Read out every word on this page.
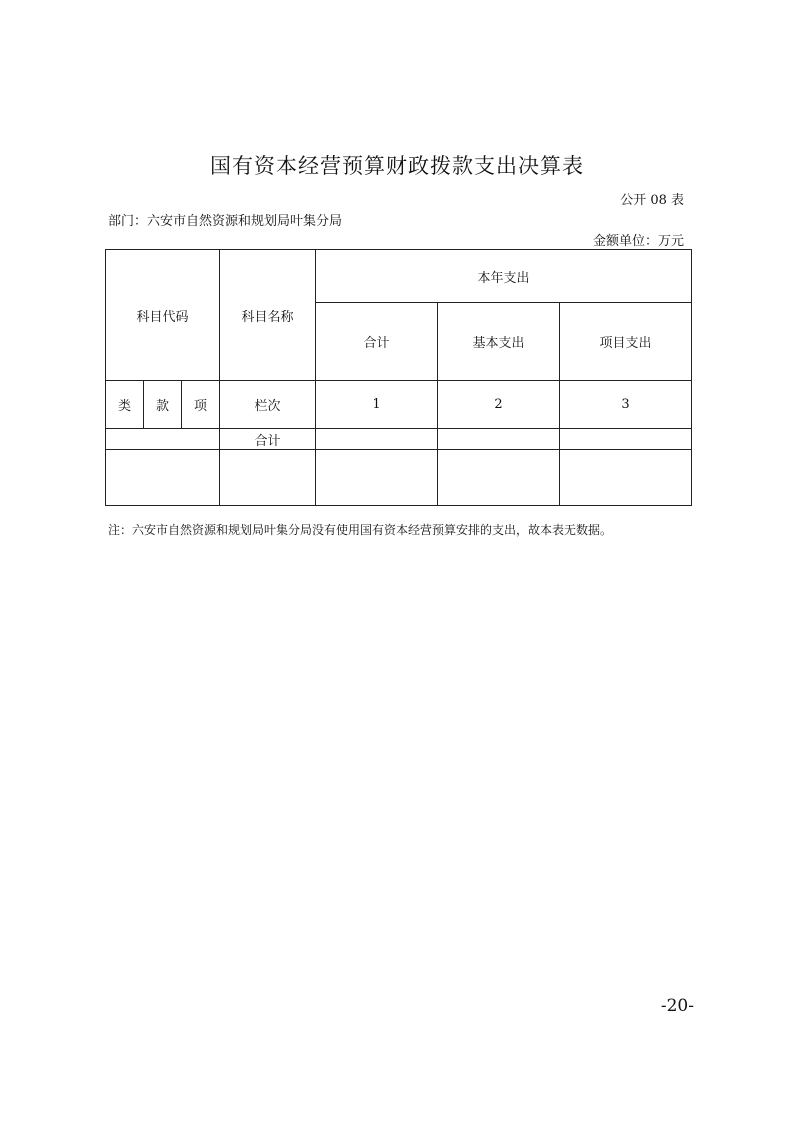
国有资本经营预算财政拨款支出决算表
公开 08 表
部门：六安市自然资源和规划局叶集分局
金额单位：万元
科目代码			科目名称	本年支出		
				合计	基本支出	项目支出
类	款	项	栏次	1	2	3
			合计			

注：六安市自然资源和规划局叶集分局没有使用国有资本经营预算安排的支出，故本表无数据。
-20-
